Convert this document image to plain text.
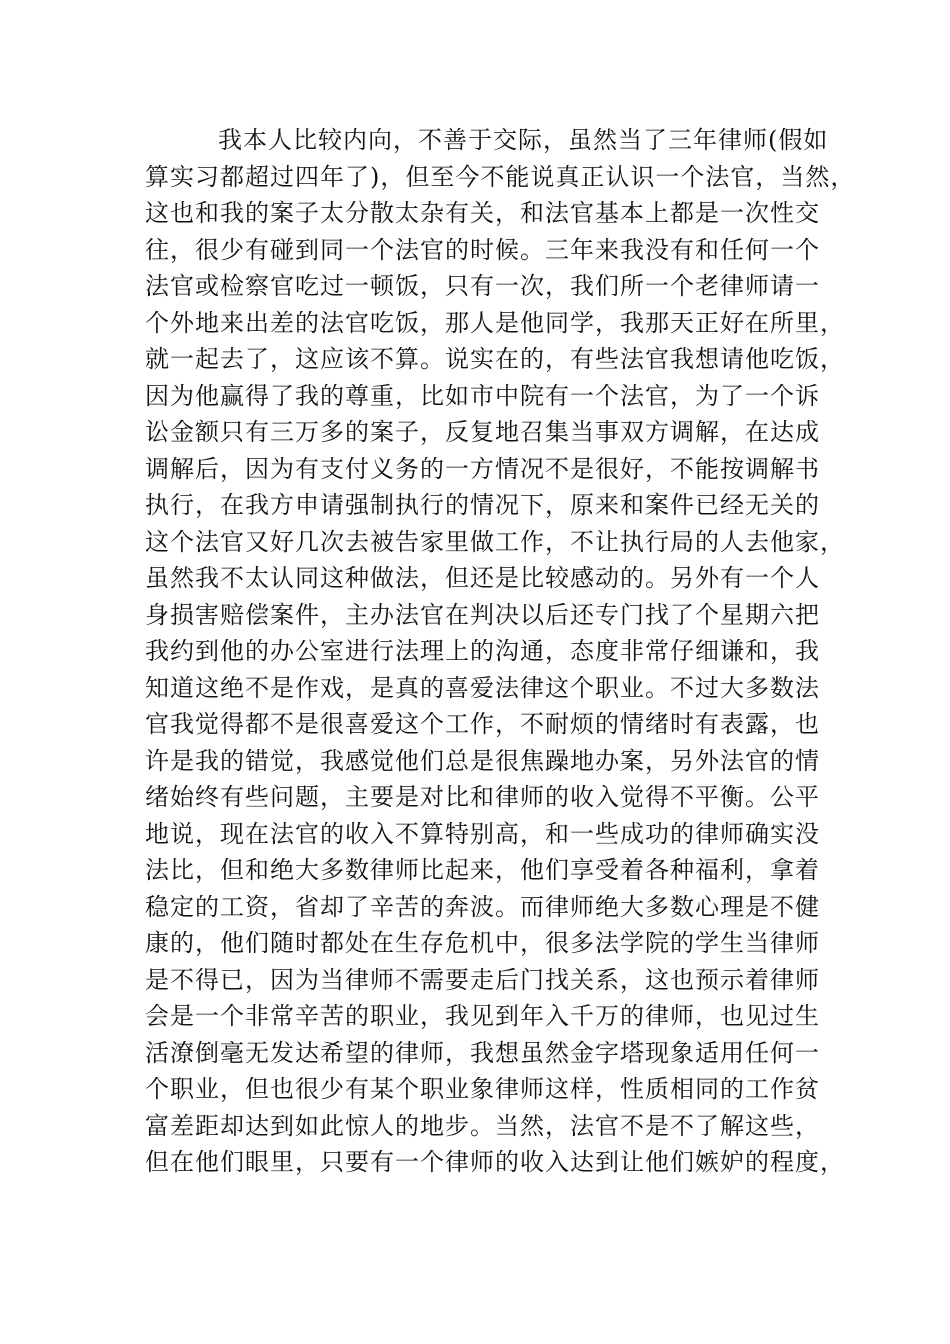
我本人比较内向，不善于交际，虽然当了三年律师(假如
算实习都超过四年了)，但至今不能说真正认识一个法官，当然，
这也和我的案子太分散太杂有关，和法官基本上都是一次性交
往，很少有碰到同一个法官的时候。三年来我没有和任何一个
法官或检察官吃过一顿饭，只有一次，我们所一个老律师请一
个外地来出差的法官吃饭，那人是他同学，我那天正好在所里，
就一起去了，这应该不算。说实在的，有些法官我想请他吃饭，
因为他赢得了我的尊重，比如市中院有一个法官，为了一个诉
讼金额只有三万多的案子，反复地召集当事双方调解，在达成
调解后，因为有支付义务的一方情况不是很好，不能按调解书
执行，在我方申请强制执行的情况下，原来和案件已经无关的
这个法官又好几次去被告家里做工作，不让执行局的人去他家，
虽然我不太认同这种做法，但还是比较感动的。另外有一个人
身损害赔偿案件，主办法官在判决以后还专门找了个星期六把
我约到他的办公室进行法理上的沟通，态度非常仔细谦和，我
知道这绝不是作戏，是真的喜爱法律这个职业。不过大多数法
官我觉得都不是很喜爱这个工作，不耐烦的情绪时有表露，也
许是我的错觉，我感觉他们总是很焦躁地办案，另外法官的情
绪始终有些问题，主要是对比和律师的收入觉得不平衡。公平
地说，现在法官的收入不算特别高，和一些成功的律师确实没
法比，但和绝大多数律师比起来，他们享受着各种福利，拿着
稳定的工资，省却了辛苦的奔波。而律师绝大多数心理是不健
康的，他们随时都处在生存危机中，很多法学院的学生当律师
是不得已，因为当律师不需要走后门找关系，这也预示着律师
会是一个非常辛苦的职业，我见到年入千万的律师，也见过生
活潦倒毫无发达希望的律师，我想虽然金字塔现象适用任何一
个职业，但也很少有某个职业象律师这样，性质相同的工作贫
富差距却达到如此惊人的地步。当然，法官不是不了解这些，
但在他们眼里，只要有一个律师的收入达到让他们嫉妒的程度，
